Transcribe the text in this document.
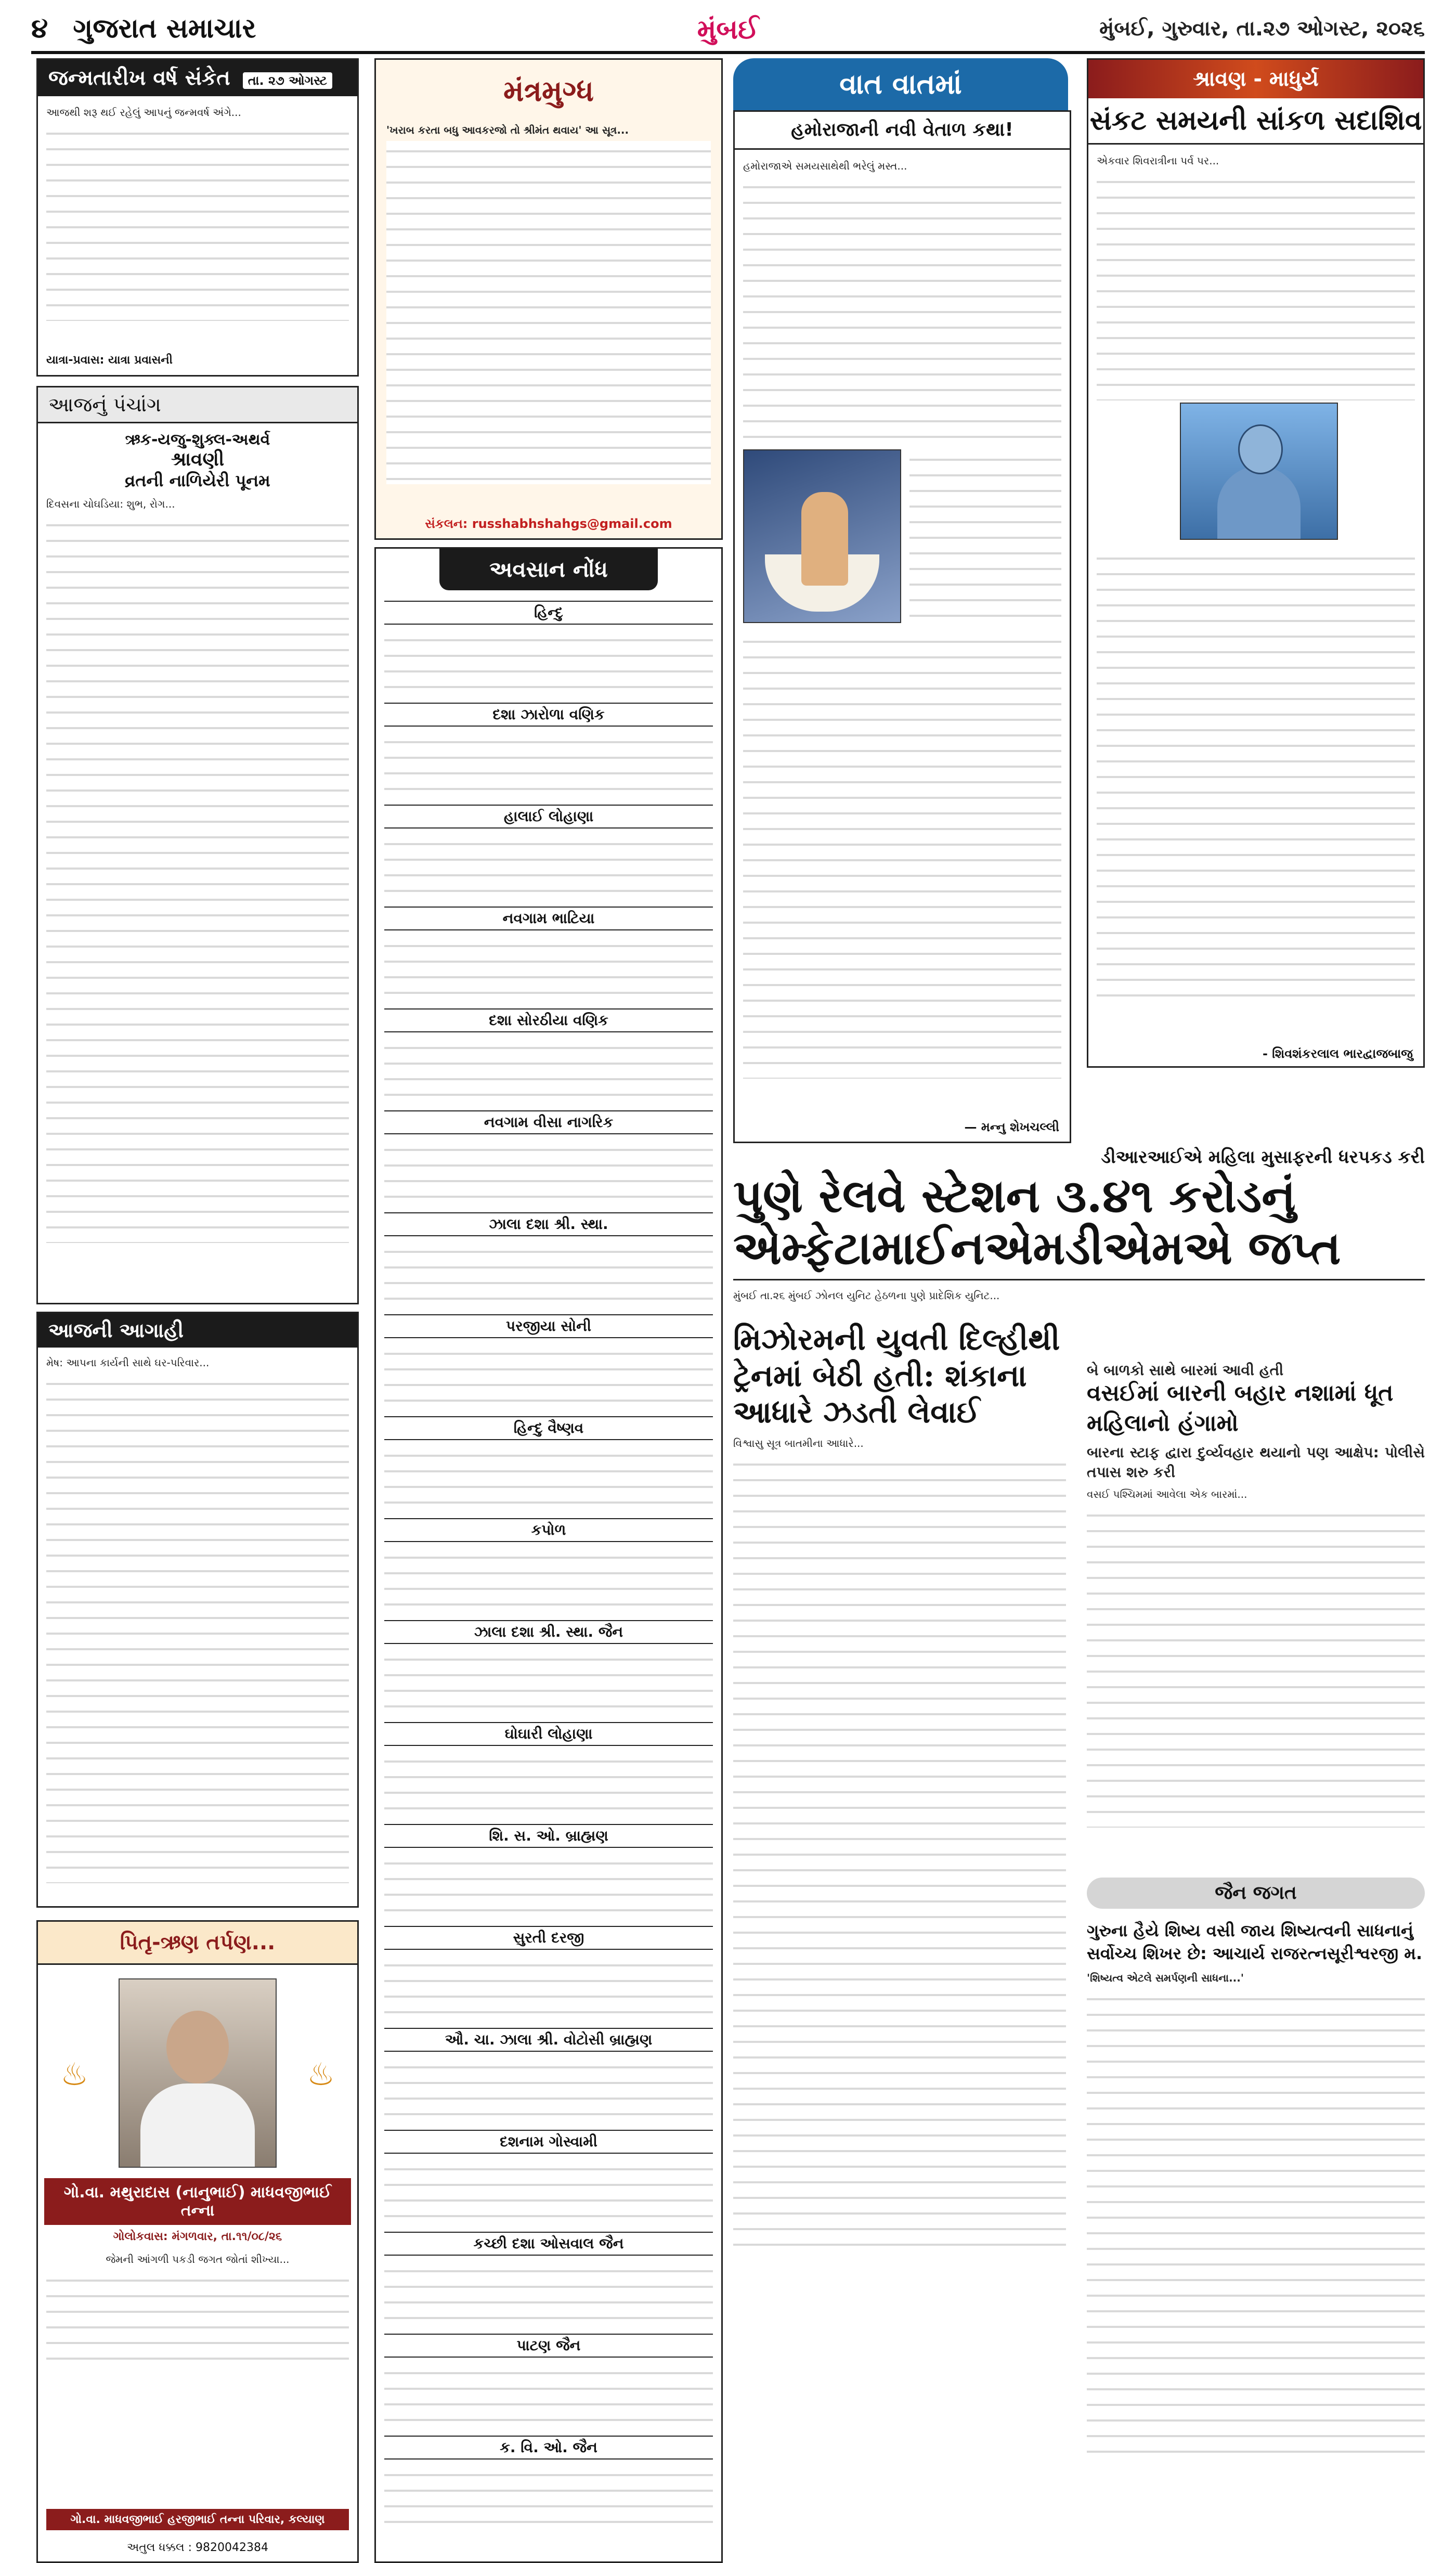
૪ ગુજરાત સમાચાર	મુંબઈ	મુંબઈ, ગુરુવાર, તા.૨૭ ઓગસ્ટ, ૨૦૨૬
જન્મતારીખ વર્ષ સંકેત તા. ૨૭ ઓગસ્ટ
આજથી શરૂ થઈ રહેલું આપનું જન્મવર્ષ અંગે...
યાત્રા-પ્રવાસ: યાત્રા પ્રવાસની
આજનું પંચાંગ
ઋક-યજુ-શુક્લ-અથર્વ
શ્રાવણી
વ્રતની નાળિયેરી પૂનમ
દિવસના ચોઘડિયા: શુભ, રોગ...
આજની આગાહી
મેષ: આપના કાર્યની સાથે ઘર-પરિવાર...
પિતૃ-ઋણ તર્પણ...
♨	♨
ગો.વા. મથુરાદાસ (નાનુભાઈ) માધવજીભાઈ તન્ના
ગોલોકવાસ: મંગળવાર, તા.૧૧/૦૮/૨૬
જેમની આંગળી પકડી જગત જોતાં શીખ્યા...
ગો.વા. માધવજીભાઈ હરજીભાઈ તન્ના પરિવાર, કલ્યાણ
અતુલ ધક્કલ : 9820042384
મંત્રમુગ્ધ
'ખરાબ કરતા બધુ આવકરજો તો શ્રીમંત થવાય' આ સૂત્ર...
સંકલન: russhabhshahgs@gmail.com
અવસાન નોંધ
હિન્દુ
દશા ઝારોળા વણિક
હાલાઈ લોહાણા
નવગામ ભાટિયા
દશા સોરઠીયા વણિક
નવગામ વીસા નાગરિક
ઝાલા દશા શ્રી. સ્થા.
પરજીયા સોની
હિન્દુ વૈષ્ણવ
કપોળ
ઝાલા દશા શ્રી. સ્થા. જૈન
ઘોઘારી લોહાણા
શિ. સ. ઓ. બ્રાહ્મણ
સુરતી દરજી
ઔ. ચા. ઝાલા શ્રી. વોટોસી બ્રાહ્મણ
દશનામ ગોસ્વામી
કચ્છી દશા ઓસવાલ જૈન
પાટણ જૈન
ક. વિ. ઓ. જૈન
વાત વાતમાં
હમોરાજાની નવી વેતાળ કથા!
હમોરાજાએ સમયસાથેથી ભરેલું મસ્ત...
— મન્નુ શેખચલ્લી
શ્રાવણ - માધુર્ય
સંકટ સમયની સાંકળ સદાશિવ
એકવાર શિવરાત્રીના પર્વ પર...
- શિવશંકરલાલ ભારદ્વાજબાજુ
ડીઆરઆઈએ મહિલા મુસાફરની ધરપકડ કરી
પુણે રેલવે સ્ટેશન ૩.૪૧ કરોડનું એમ્ફેટામાઈનએમડીએમએ જપ્ત
મુંબઈ તા.૨૬ મુંબઈ ઝોનલ યુનિટ હેઠળના પુણે પ્રાદેશિક યુનિટ...
મિઝોરમની યુવતી દિલ્હીથી ટ્રેનમાં બેઠી હતી: શંકાના આધારે ઝડતી લેવાઈ
વિશ્વાસુ સૂત્ર બાતમીના આધારે...
બે બાળકો સાથે બારમાં આવી હતી
વસઈમાં બારની બહાર નશામાં ધૂત મહિલાનો હંગામો
બારના સ્ટાફ દ્વારા દુર્વ્યવહાર થયાનો પણ આક્ષેપ: પોલીસે તપાસ શરુ કરી
વસઈ પશ્ચિમમાં આવેલા એક બારમાં...
જૈન જગત
ગુરુના હૈયે શિષ્ય વસી જાય શિષ્યત્વની સાધનાનું સર્વોચ્ચ શિખર છે: આચાર્ય રાજરત્નસૂરીશ્વરજી મ.
'શિષ્યત્વ એટલે સમર્પણની સાધના...'
